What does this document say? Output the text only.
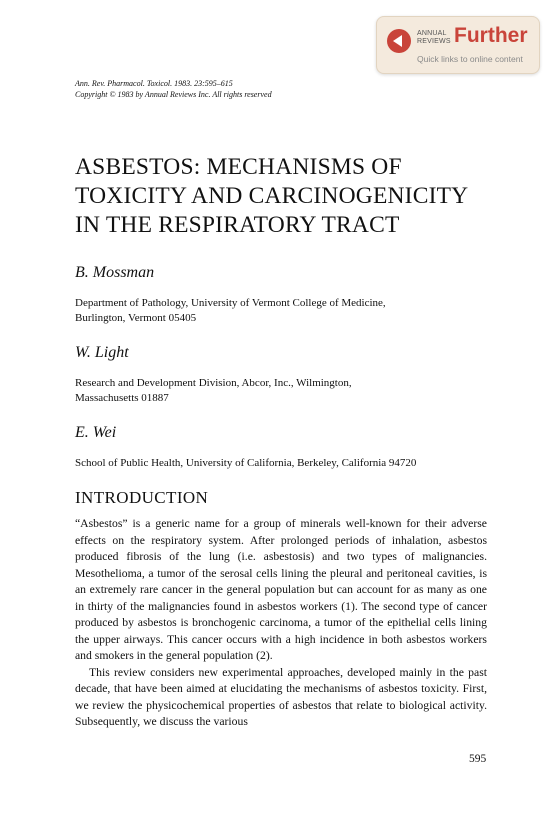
ANNUAL
REVIEWS Further
Quick links to online content
Ann. Rev. Pharmacol. Toxicol. 1983. 23:595–615
Copyright © 1983 by Annual Reviews Inc. All rights reserved
ASBESTOS: MECHANISMS OF
TOXICITY AND CARCINOGENICITY
IN THE RESPIRATORY TRACT
B. Mossman
Department of Pathology, University of Vermont College of Medicine,
Burlington, Vermont 05405
W. Light
Research and Development Division, Abcor, Inc., Wilmington,
Massachusetts 01887
E. Wei
School of Public Health, University of California, Berkeley, California 94720
INTRODUCTION

“Asbestos” is a generic name for a group of minerals well-known for their adverse effects on the respiratory system. After prolonged periods of inhalation, asbestos produced fibrosis of the lung (i.e. asbestosis) and two types of malignancies. Mesothelioma, a tumor of the serosal cells lining the pleural and peritoneal cavities, is an extremely rare cancer in the general population but can account for as many as one in thirty of the malignancies found in asbestos workers (1). The second type of cancer produced by asbestos is bronchogenic carcinoma, a tumor of the epithelial cells lining the upper airways. This cancer occurs with a high incidence in both asbestos workers and smokers in the general population (2).

This review considers new experimental approaches, developed mainly in the past decade, that have been aimed at elucidating the mechanisms of asbestos toxicity. First, we review the physicochemical properties of asbestos that relate to biological activity. Subsequently, we discuss the various

595
